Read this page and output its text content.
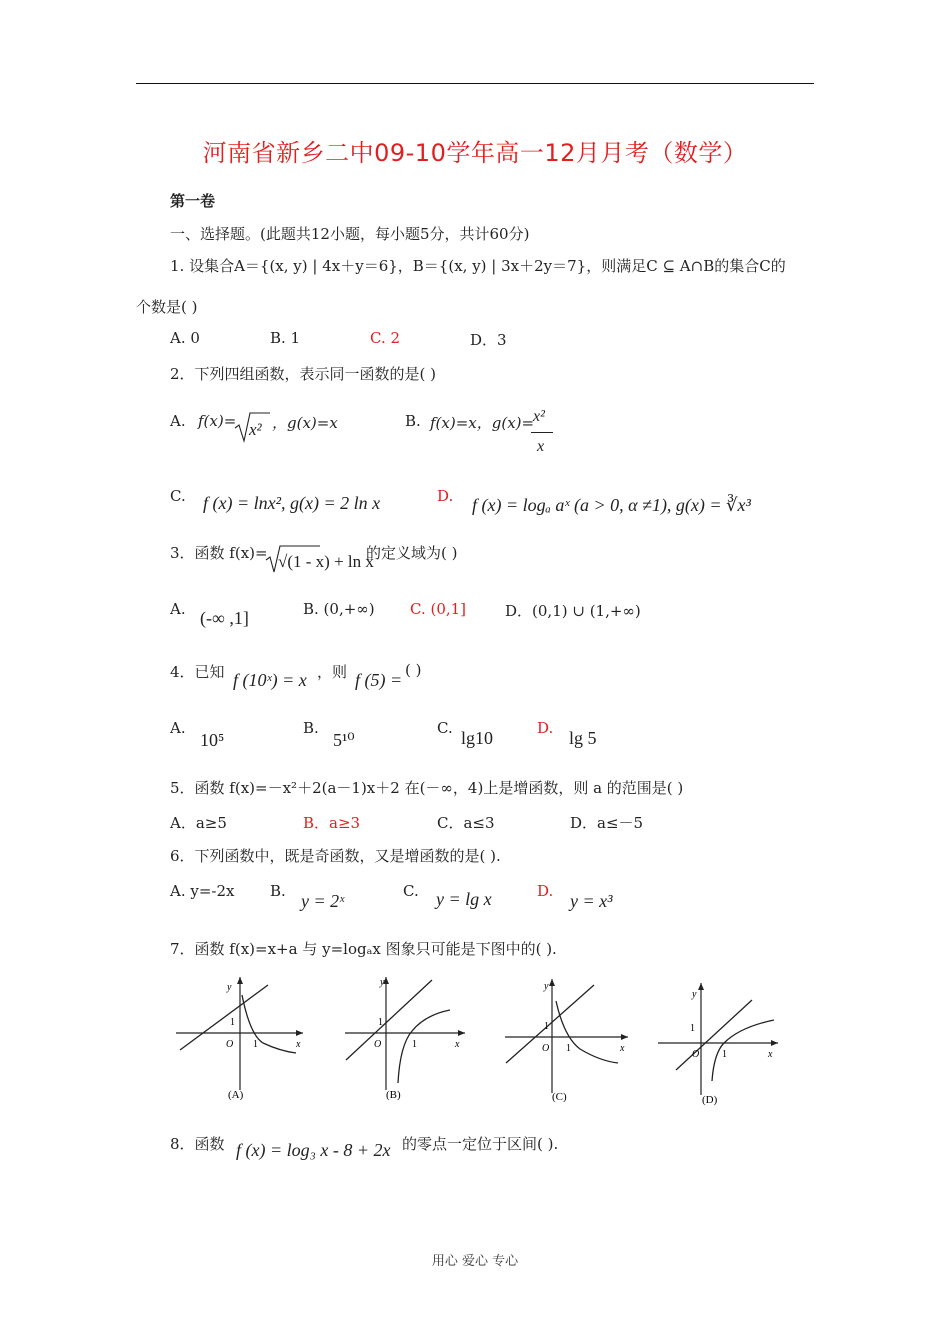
河南省新乡二中09-10学年高一12月月考（数学）
第一卷
一、选择题。(此题共12小题，每小题5分，共计60分)
1. 设集合A＝{(x, y) | 4x＋y＝6}，B＝{(x, y) | 3x＋2y＝7}，则满足C ⊆ A∩B的集合C的
个数是( )
A. 0	B. 1	C. 2	D．3
2．下列四组函数，表示同一函数的是( )
A. f(x)= x² ，g(x)=x	B. f(x)=x，g(x)=
x²
x
C. f (x) = lnx², g(x) = 2 ln x	D. f (x) = logₐ aˣ (a > 0, α ≠1), g(x) = ∛x³
3．函数 f(x)= √(1 - x) + ln x
的定义域为( )
A. (-∞ ,1]	B. (0,+∞) C. (0,1]	D．(0,1) ∪ (1,+∞)
4．已知 f (10ˣ) = x ，则 f (5) = ( )
A.
10⁵
B.
5¹⁰
C. lg10	D. lg 5
5．函数 f(x)=－x²＋2(a－1)x＋2 在(－∞，4)上是增函数，则 a 的范围是( )
A．a≥5	B．a≥3	C．a≤3	D．a≤－5
6．下列函数中，既是奇函数，又是增函数的是( ).
A. y=-2x B. y = 2ˣ	C. y = lg x	D. y = x³
7．函数 f(x)=x+a 与 y=logₐx 图象只可能是下图中的( ).
y
x
O
1
1
(A)
y
x
O
1
1
(B)
y
x
O
1
1
(C)
y
x
O
1
1
(D)
8．函数 f (x) = log₃ x - 8 + 2x 的零点一定位于区间( ).
用心 爱心 专心
